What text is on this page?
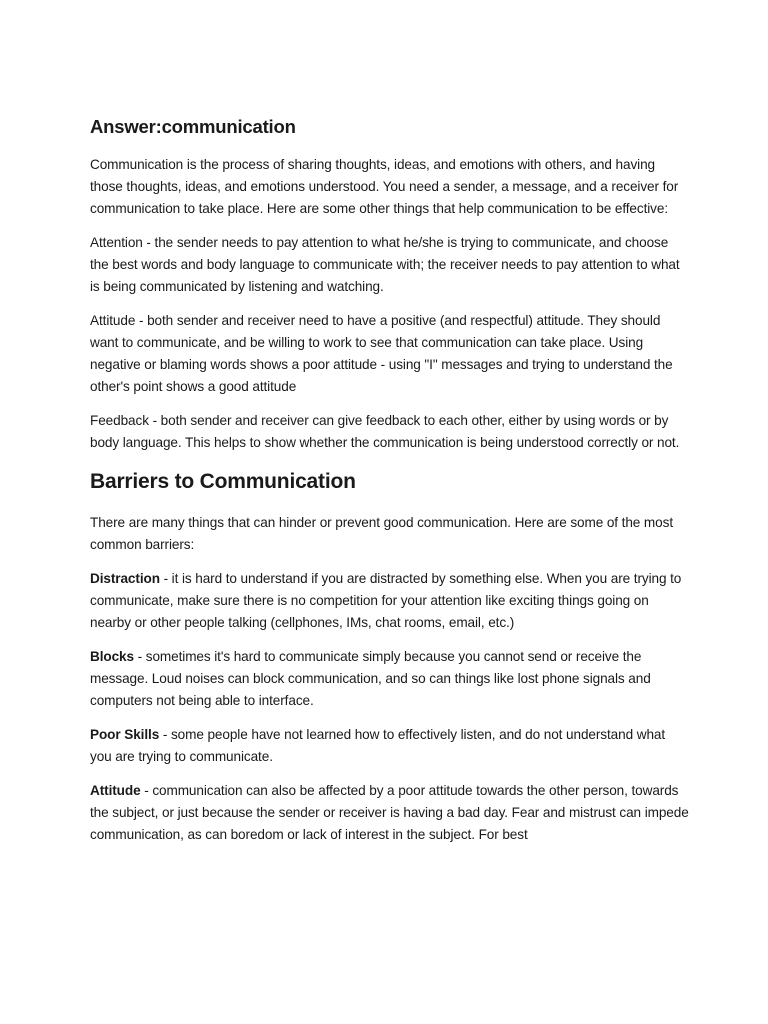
Answer:communication

Communication is the process of sharing thoughts, ideas, and emotions with others, and having those thoughts, ideas, and emotions understood. You need a sender, a message, and a receiver for communication to take place. Here are some other things that help communication to be effective:

Attention - the sender needs to pay attention to what he/she is trying to communicate, and choose the best words and body language to communicate with; the receiver needs to pay attention to what is being communicated by listening and watching.

Attitude - both sender and receiver need to have a positive (and respectful) attitude. They should want to communicate, and be willing to work to see that communication can take place. Using negative or blaming words shows a poor attitude - using "I" messages and trying to understand the other's point shows a good attitude

Feedback - both sender and receiver can give feedback to each other, either by using words or by body language. This helps to show whether the communication is being understood correctly or not.

Barriers to Communication

There are many things that can hinder or prevent good communication. Here are some of the most common barriers:

Distraction - it is hard to understand if you are distracted by something else. When you are trying to communicate, make sure there is no competition for your attention like exciting things going on nearby or other people talking (cellphones, IMs, chat rooms, email, etc.)

Blocks - sometimes it's hard to communicate simply because you cannot send or receive the message. Loud noises can block communication, and so can things like lost phone signals and computers not being able to interface.

Poor Skills - some people have not learned how to effectively listen, and do not understand what you are trying to communicate.

Attitude - communication can also be affected by a poor attitude towards the other person, towards the subject, or just because the sender or receiver is having a bad day. Fear and mistrust can impede communication, as can boredom or lack of interest in the subject. For best
